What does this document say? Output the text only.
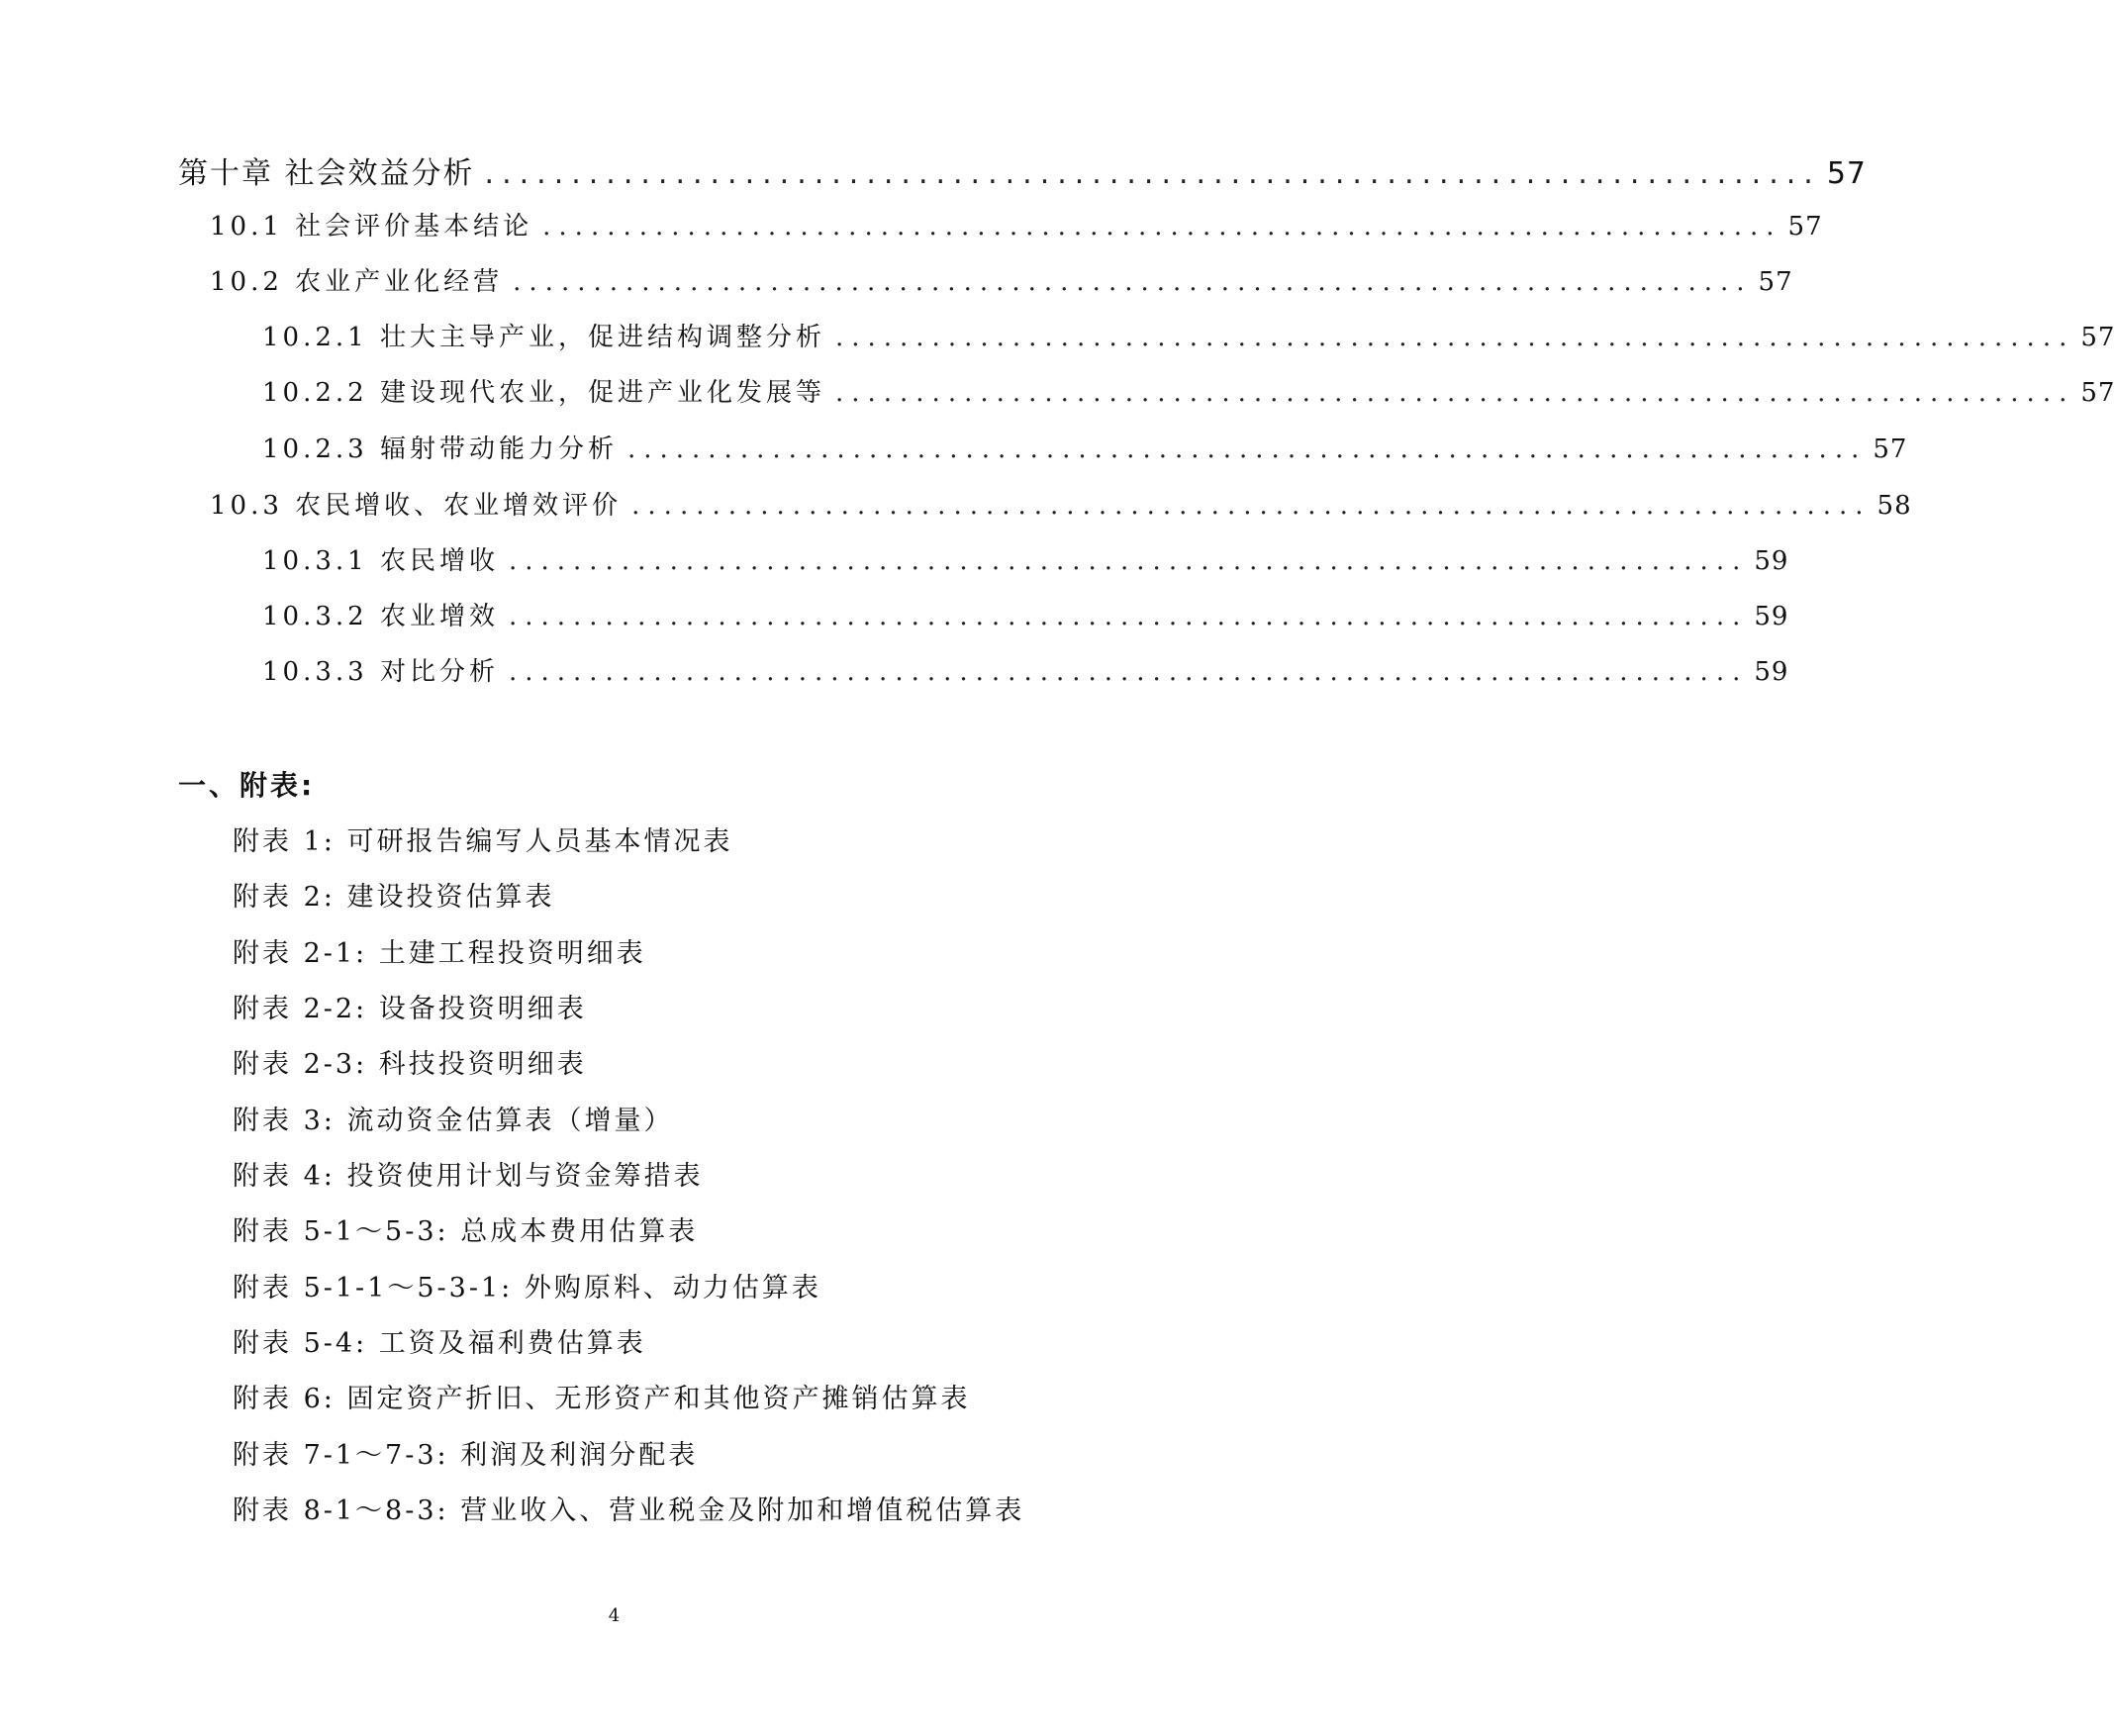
第十章 社会效益分析 ............................................................................. 57
10.1 社会评价基本结论 ............................................................................. 57
10.2 农业产业化经营 ............................................................................. 57
10.2.1 壮大主导产业，促进结构调整分析 ............................................................................. 57
10.2.2 建设现代农业，促进产业化发展等 ............................................................................. 57
10.2.3 辐射带动能力分析 ............................................................................. 57
10.3 农民增收、农业增效评价 ............................................................................. 58
10.3.1 农民增收 ............................................................................. 59
10.3.2 农业增效 ............................................................................. 59
10.3.3 对比分析 ............................................................................. 59
一、附表:
附表 1: 可研报告编写人员基本情况表
附表 2: 建设投资估算表
附表 2-1: 土建工程投资明细表
附表 2-2: 设备投资明细表
附表 2-3: 科技投资明细表
附表 3: 流动资金估算表（增量）
附表 4: 投资使用计划与资金筹措表
附表 5-1～5-3: 总成本费用估算表
附表 5-1-1～5-3-1: 外购原料、动力估算表
附表 5-4: 工资及福利费估算表
附表 6: 固定资产折旧、无形资产和其他资产摊销估算表
附表 7-1～7-3: 利润及利润分配表
附表 8-1～8-3: 营业收入、营业税金及附加和增值税估算表
4
